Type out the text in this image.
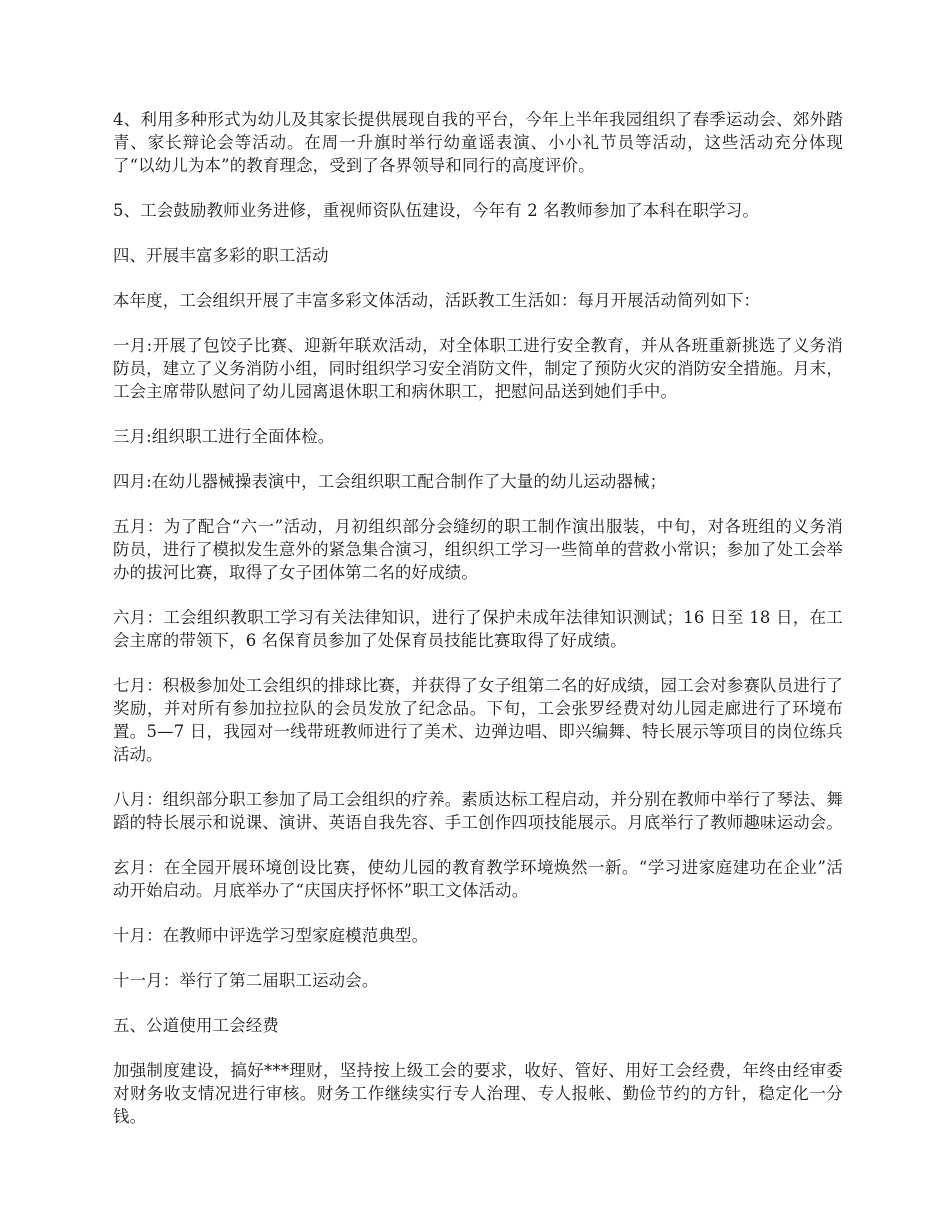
4、利用多种形式为幼儿及其家长提供展现自我的平台，今年上半年我园组织了春季运动会、郊外踏青、家长辩论会等活动。在周一升旗时举行幼童谣表演、小小礼节员等活动，这些活动充分体现了“以幼儿为本”的教育理念，受到了各界领导和同行的高度评价。

5、工会鼓励教师业务进修，重视师资队伍建设，今年有 2 名教师参加了本科在职学习。

四、开展丰富多彩的职工活动

本年度，工会组织开展了丰富多彩文体活动，活跃教工生活如：每月开展活动简列如下：

一月:开展了包饺子比赛、迎新年联欢活动，对全体职工进行安全教育，并从各班重新挑选了义务消防员，建立了义务消防小组，同时组织学习安全消防文件，制定了预防火灾的消防安全措施。月末，工会主席带队慰问了幼儿园离退休职工和病休职工，把慰问品送到她们手中。

三月:组织职工进行全面体检。

四月:在幼儿器械操表演中，工会组织职工配合制作了大量的幼儿运动器械；

五月：为了配合“六一”活动，月初组织部分会缝纫的职工制作演出服装，中旬，对各班组的义务消防员，进行了模拟发生意外的紧急集合演习，组织织工学习一些简单的营救小常识；参加了处工会举办的拔河比赛，取得了女子团体第二名的好成绩。

六月：工会组织教职工学习有关法律知识，进行了保护未成年法律知识测试；16 日至 18 日，在工会主席的带领下，6 名保育员参加了处保育员技能比赛取得了好成绩。

七月：积极参加处工会组织的排球比赛，并获得了女子组第二名的好成绩，园工会对参赛队员进行了奖励，并对所有参加拉拉队的会员发放了纪念品。下旬，工会张罗经费对幼儿园走廊进行了环境布置。5—7 日，我园对一线带班教师进行了美术、边弹边唱、即兴编舞、特长展示等项目的岗位练兵活动。

八月：组织部分职工参加了局工会组织的疗养。素质达标工程启动，并分别在教师中举行了琴法、舞蹈的特长展示和说课、演讲、英语自我先容、手工创作四项技能展示。月底举行了教师趣味运动会。

玄月：在全园开展环境创设比赛，使幼儿园的教育教学环境焕然一新。“学习进家庭建功在企业”活动开始启动。月底举办了“庆国庆抒怀怀”职工文体活动。

十月：在教师中评选学习型家庭模范典型。

十一月：举行了第二届职工运动会。

五、公道使用工会经费

加强制度建设，搞好***理财，坚持按上级工会的要求，收好、管好、用好工会经费，年终由经审委对财务收支情况进行审核。财务工作继续实行专人治理、专人报帐、勤俭节约的方针，稳定化一分钱。
